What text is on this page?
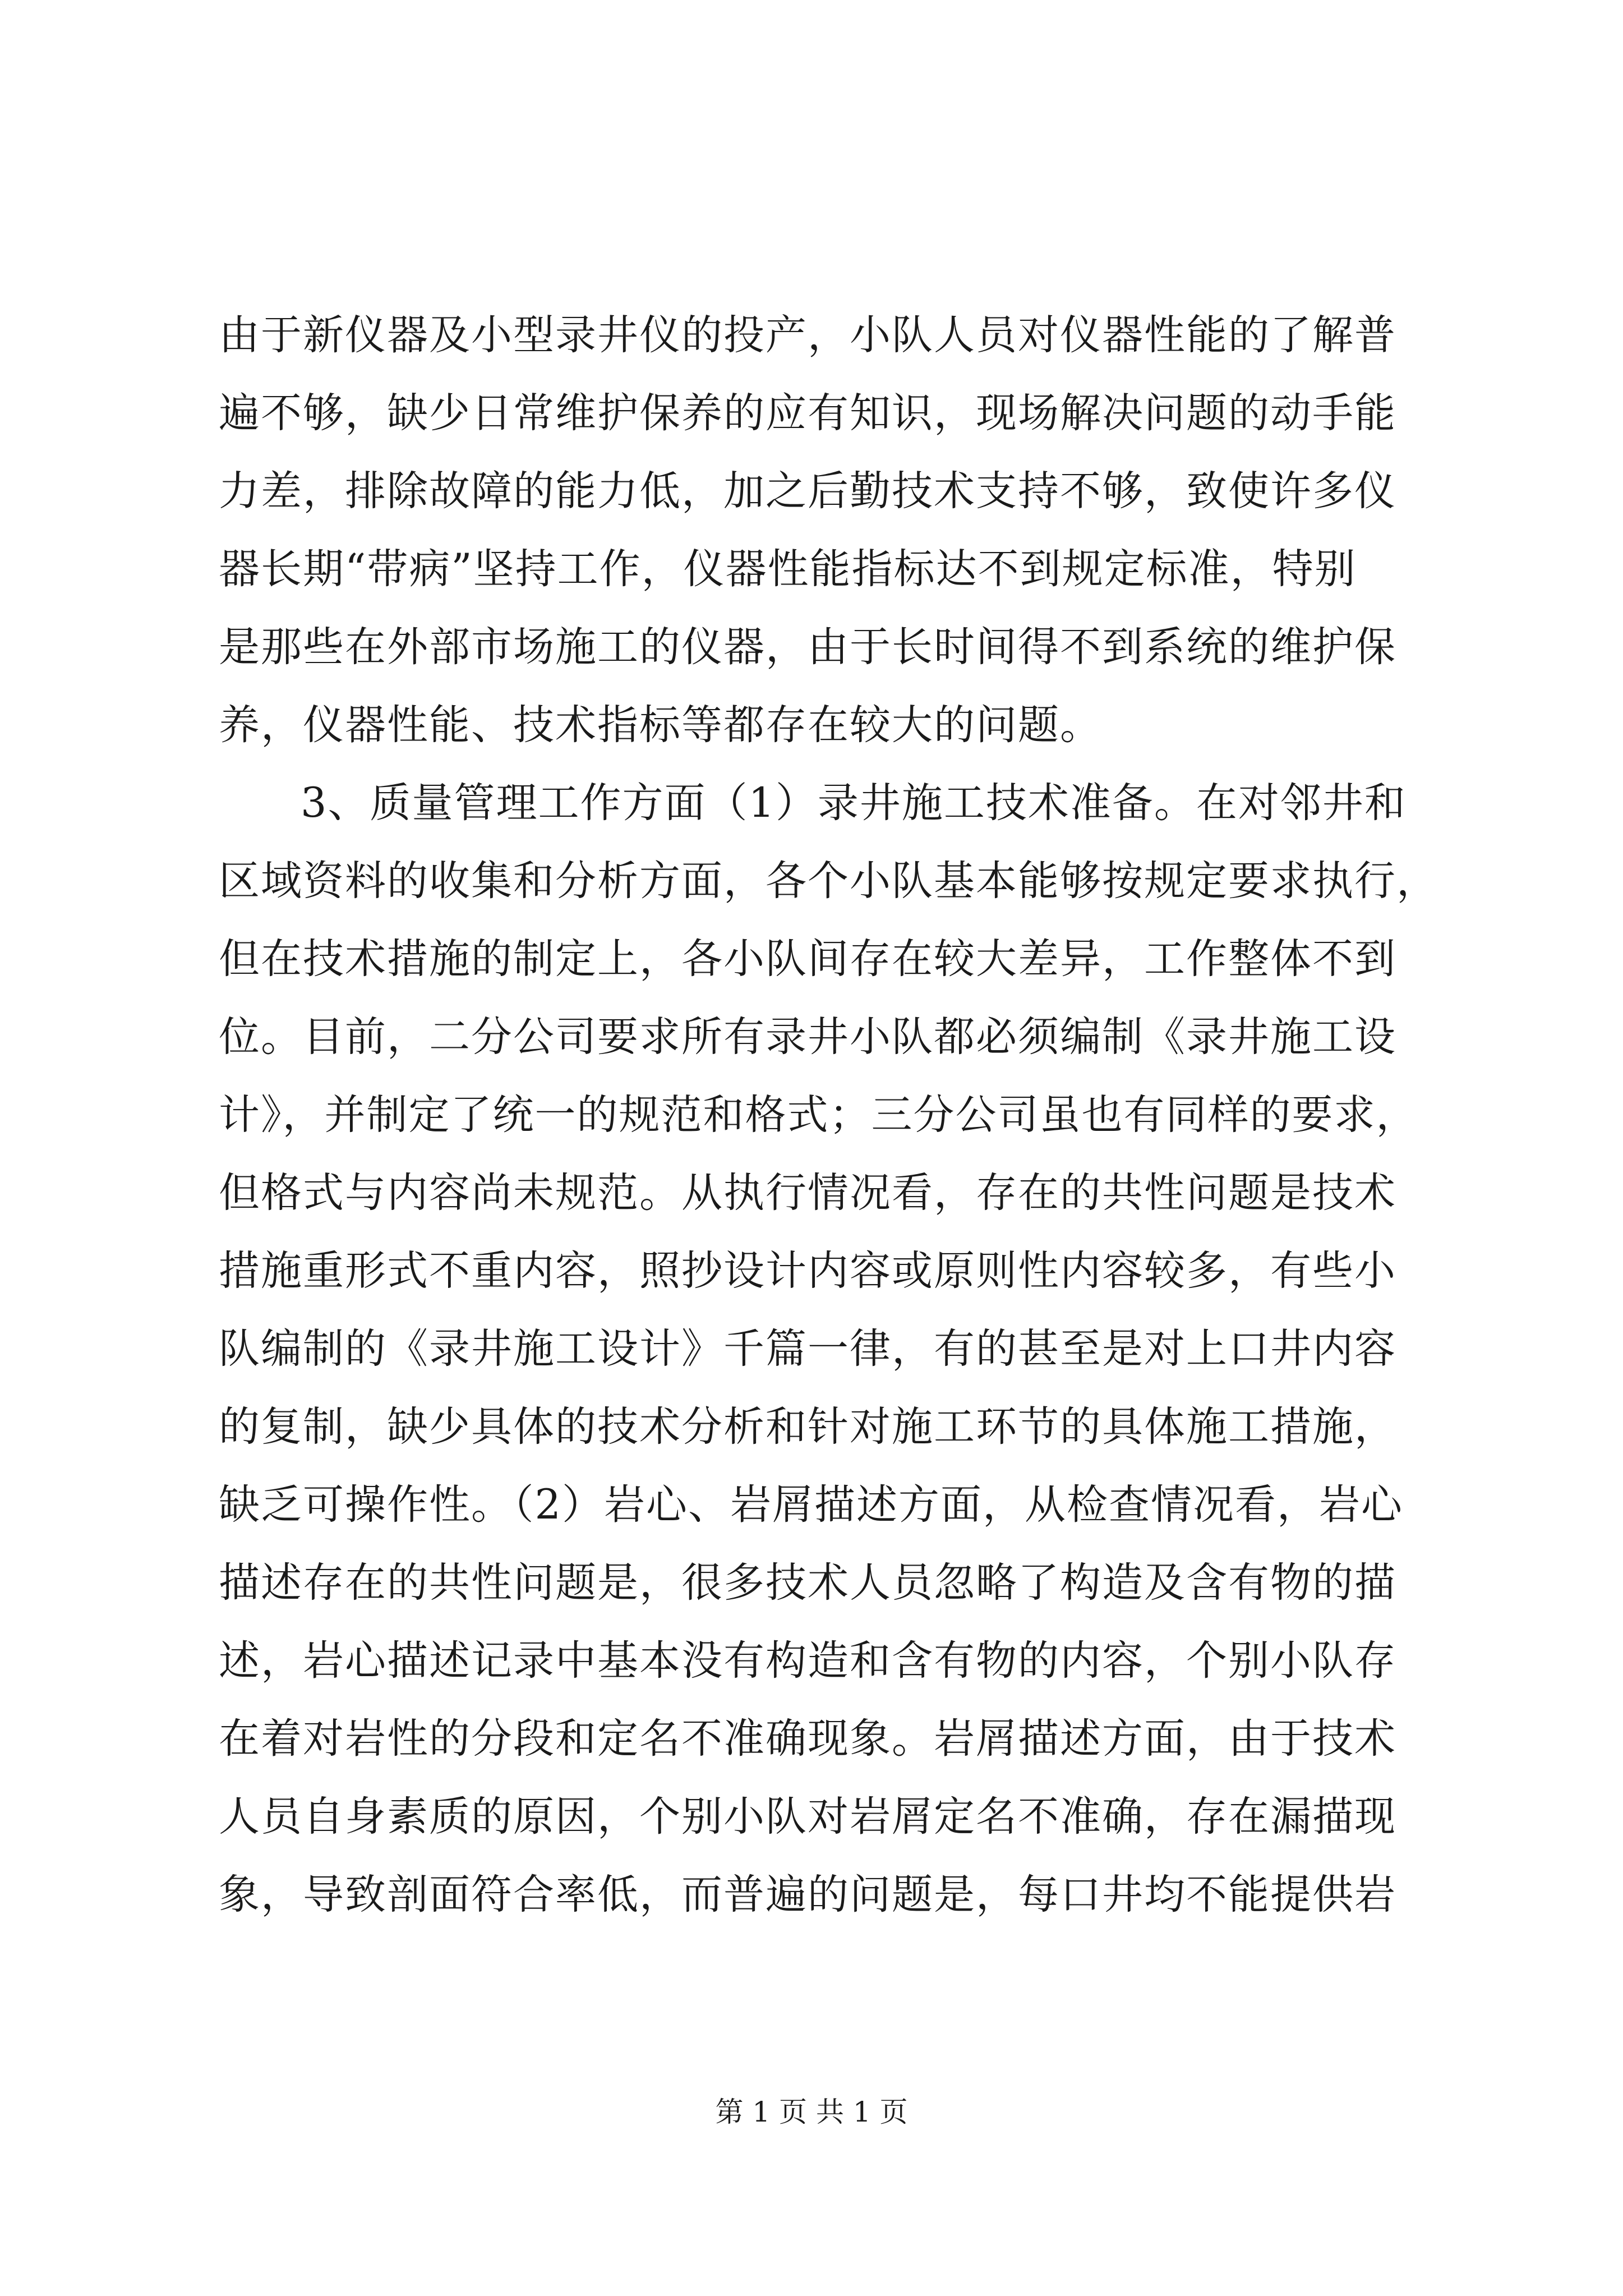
由于新仪器及小型录井仪的投产，小队人员对仪器性能的了解普
遍不够，缺少日常维护保养的应有知识，现场解决问题的动手能
力差，排除故障的能力低，加之后勤技术支持不够，致使许多仪
器长期“带病”坚持工作，仪器性能指标达不到规定标准，特别
是那些在外部市场施工的仪器，由于长时间得不到系统的维护保
养，仪器性能、技术指标等都存在较大的问题。
3、质量管理工作方面（1）录井施工技术准备。在对邻井和
区域资料的收集和分析方面，各个小队基本能够按规定要求执行，
但在技术措施的制定上，各小队间存在较大差异，工作整体不到
位。目前，二分公司要求所有录井小队都必须编制《录井施工设
计》，并制定了统一的规范和格式；三分公司虽也有同样的要求，
但格式与内容尚未规范。从执行情况看，存在的共性问题是技术
措施重形式不重内容，照抄设计内容或原则性内容较多，有些小
队编制的《录井施工设计》千篇一律，有的甚至是对上口井内容
的复制，缺少具体的技术分析和针对施工环节的具体施工措施，
缺乏可操作性。（2）岩心、岩屑描述方面，从检查情况看，岩心
描述存在的共性问题是，很多技术人员忽略了构造及含有物的描
述，岩心描述记录中基本没有构造和含有物的内容，个别小队存
在着对岩性的分段和定名不准确现象。岩屑描述方面，由于技术
人员自身素质的原因，个别小队对岩屑定名不准确，存在漏描现
象，导致剖面符合率低，而普遍的问题是，每口井均不能提供岩
第 1 页 共 1 页
